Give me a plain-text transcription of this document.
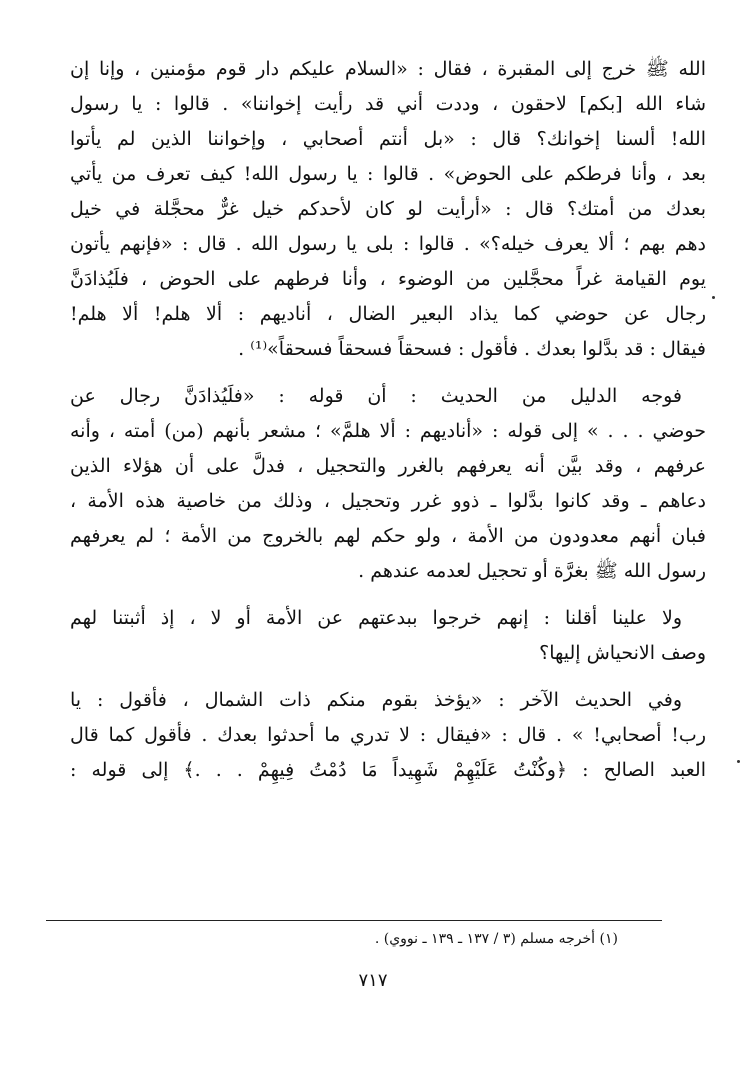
الله ﷺ خرج إلى المقبرة ، فقال : «السلام عليكم دار قوم مؤمنين ، وإنا إن
شاء الله [بكم] لاحقون ، وددت أني قد رأيت إخواننا» . قالوا : يا رسول
الله! ألسنا إخوانك؟ قال : «بل أنتم أصحابي ، وإخواننا الذين لم يأتوا
بعد ، وأنا فرطكم على الحوض» . قالوا : يا رسول الله! كيف تعرف من يأتي
بعدك من أمتك؟ قال : «أرأيت لو كان لأحدكم خيل غرٌّ محجَّلة في خيل
دهم بهم ؛ ألا يعرف خيله؟» . قالوا : بلى يا رسول الله . قال : «فإنهم يأتون
يوم القيامة غراً محجَّلين من الوضوء ، وأنا فرطهم على الحوض ، فلَيُذادَنَّ
رجال عن حوضي كما يذاد البعير الضال ، أناديهم : ألا هلم! ألا هلم!
فيقال : قد بدَّلوا بعدك . فأقول : فسحقاً فسحقاً فسحقاً»⁽¹⁾ .
فوجه الدليل من الحديث : أن قوله : «فلَيُذادَنَّ رجال عن
حوضي . . . » إلى قوله : «أناديهم : ألا هلمَّ» ؛ مشعر بأنهم (من) أمته ، وأنه
عرفهم ، وقد بيَّن أنه يعرفهم بالغرر والتحجيل ، فدلَّ على أن هؤلاء الذين
دعاهم ـ وقد كانوا بدَّلوا ـ ذوو غرر وتحجيل ، وذلك من خاصية هذه الأمة ،
فبان أنهم معدودون من الأمة ، ولو حكم لهم بالخروج من الأمة ؛ لم يعرفهم
رسول الله ﷺ بغرَّة أو تحجيل لعدمه عندهم .
ولا علينا أقلنا : إنهم خرجوا ببدعتهم عن الأمة أو لا ، إذ أثبتنا لهم
وصف الانحياش إليها؟
وفي الحديث الآخر : «يؤخذ بقوم منكم ذات الشمال ، فأقول : يا
رب! أصحابي! » . قال : «فيقال : لا تدري ما أحدثوا بعدك . فأقول كما قال
العبد الصالح : ﴿وكُنْتُ عَلَيْهِمْ شَهِيداً مَا دُمْتُ فِيهِمْ . . .﴾ إلى قوله :
(١) أخرجه مسلم (٣ / ١٣٧ ـ ١٣٩ ـ نووي) .
٧١٧
